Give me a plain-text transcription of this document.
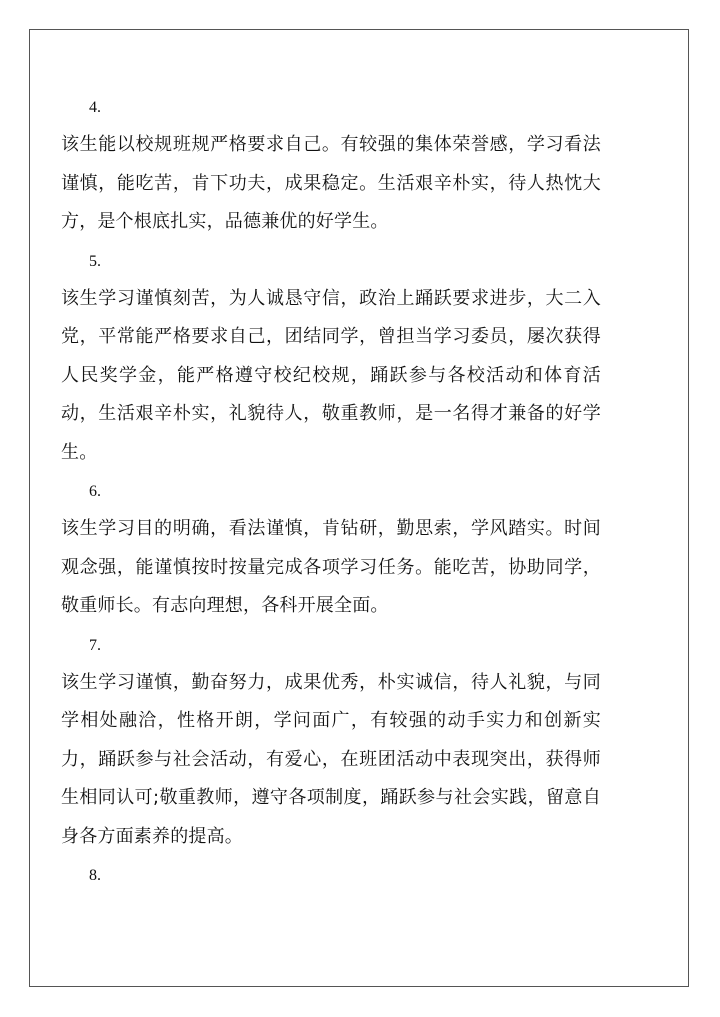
4.

该生能以校规班规严格要求自己。有较强的集体荣誉感，学习看法谨慎，能吃苦，肯下功夫，成果稳定。生活艰辛朴实，待人热忱大方，是个根底扎实，品德兼优的好学生。

5.

该生学习谨慎刻苦，为人诚恳守信，政治上踊跃要求进步，大二入党，平常能严格要求自己，团结同学，曾担当学习委员，屡次获得人民奖学金，能严格遵守校纪校规，踊跃参与各校活动和体育活动，生活艰辛朴实，礼貌待人，敬重教师，是一名得才兼备的好学生。

6.

该生学习目的明确，看法谨慎，肯钻研，勤思索，学风踏实。时间观念强，能谨慎按时按量完成各项学习任务。能吃苦，协助同学，敬重师长。有志向理想，各科开展全面。

7.

该生学习谨慎，勤奋努力，成果优秀，朴实诚信，待人礼貌，与同学相处融洽，性格开朗，学问面广，有较强的动手实力和创新实力，踊跃参与社会活动，有爱心，在班团活动中表现突出，获得师生相同认可;敬重教师，遵守各项制度，踊跃参与社会实践，留意自身各方面素养的提高。

8.
